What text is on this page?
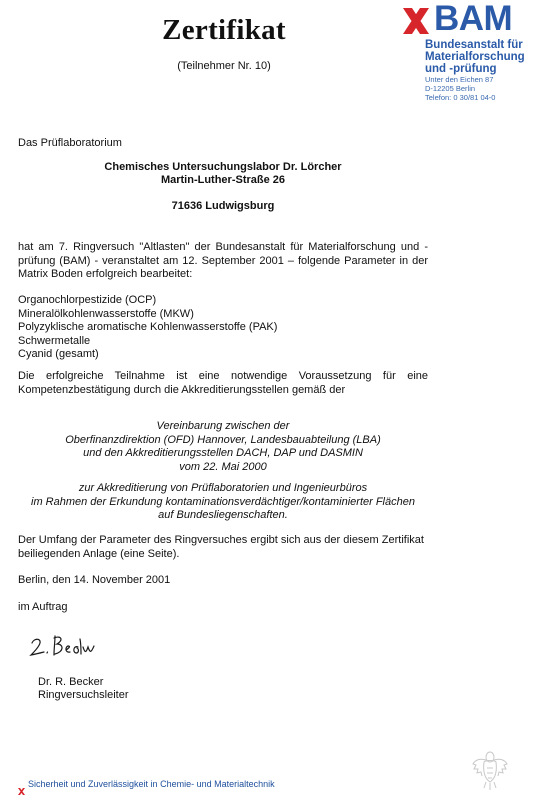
Zertifikat
(Teilnehmer Nr. 10)
BAM
Bundesanstalt für
Materialforschung
und -prüfung
Unter den Eichen 87
D-12205 Berlin
Telefon: 0 30/81 04-0
Das Prüflaboratorium
Chemisches Untersuchungslabor Dr. Lörcher
Martin-Luther-Straße 26
71636 Ludwigsburg
hat am 7. Ringversuch "Altlasten" der Bundesanstalt für Materialforschung und -prüfung (BAM) - veranstaltet am 12. September 2001 – folgende Parameter in der Matrix Boden erfolgreich bearbeitet:
Organochlorpestizide (OCP)
Mineralölkohlenwasserstoffe (MKW)
Polyzyklische aromatische Kohlenwasserstoffe (PAK)
Schwermetalle
Cyanid (gesamt)
Die erfolgreiche Teilnahme ist eine notwendige Voraussetzung für eine Kompetenzbestätigung durch die Akkreditierungsstellen gemäß der
Vereinbarung zwischen der
Oberfinanzdirektion (OFD) Hannover, Landesbauabteilung (LBA)
und den Akkreditierungsstellen DACH, DAP und DASMIN
vom 22. Mai 2000
zur Akkreditierung von Prüflaboratorien und Ingenieurbüros
im Rahmen der Erkundung kontaminationsverdächtiger/kontaminierter Flächen
auf Bundesliegenschaften.
Der Umfang der Parameter des Ringversuches ergibt sich aus der diesem Zertifikat beiliegenden Anlage (eine Seite).
Berlin, den 14. November 2001
im Auftrag
Dr. R. Becker
Ringversuchsleiter
Sicherheit und Zuverlässigkeit in Chemie- und Materialtechnik
